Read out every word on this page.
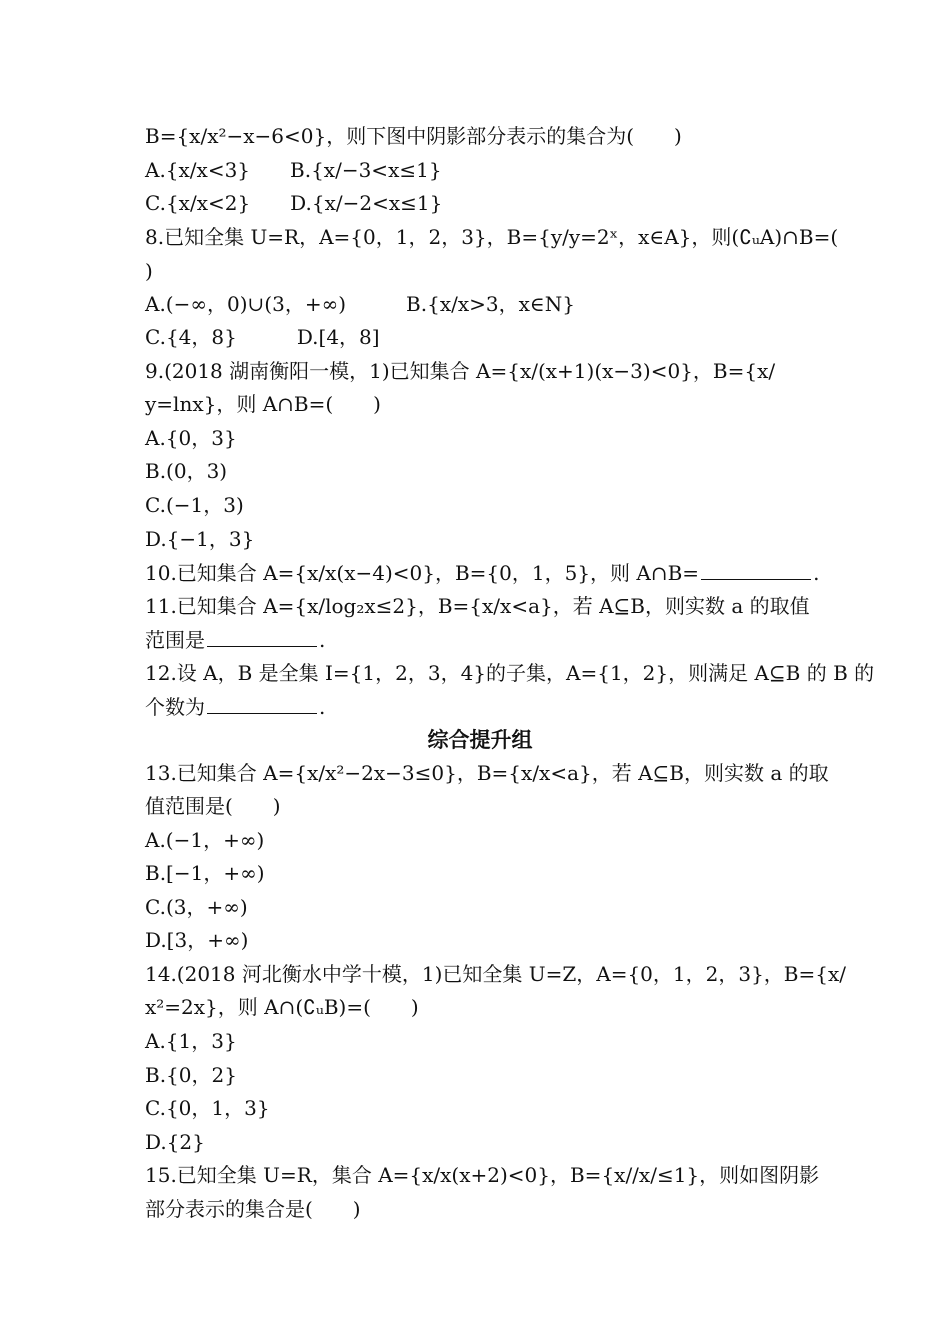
B={x/x²−x−6<0}，则下图中阴影部分表示的集合为(　　)
A.{x/x<3}　　B.{x/−3<x≤1}
C.{x/x<2}　　D.{x/−2<x≤1}
8.已知全集 U=R，A={0，1，2，3}，B={y/y=2ˣ，x∈A}，则(∁ᵤA)∩B=(
)
A.(−∞，0)∪(3，+∞)　　　B.{x/x>3，x∈N}
C.{4，8}　　　D.[4，8]
9.(2018 湖南衡阳一模，1)已知集合 A={x/(x+1)(x−3)<0}，B={x/
y=lnx}，则 A∩B=(　　)
A.{0，3}
B.(0，3)
C.(−1，3)
D.{−1，3}
10.已知集合 A={x/x(x−4)<0}，B={0，1，5}，则 A∩B=	.
11.已知集合 A={x/log₂x≤2}，B={x/x<a}，若 A⊆B，则实数 a 的取值
范围是	.
12.设 A，B 是全集 I={1，2，3，4}的子集，A={1，2}，则满足 A⊆B 的 B 的
个数为	.
综合提升组
13.已知集合 A={x/x²−2x−3≤0}，B={x/x<a}，若 A⊆B，则实数 a 的取
值范围是(　　)
A.(−1，+∞)
B.[−1，+∞)
C.(3，+∞)
D.[3，+∞)
14.(2018 河北衡水中学十模，1)已知全集 U=Z，A={0，1，2，3}，B={x/
x²=2x}，则 A∩(∁ᵤB)=(　　)
A.{1，3}
B.{0，2}
C.{0，1，3}
D.{2}
15.已知全集 U=R，集合 A={x/x(x+2)<0}，B={x//x/≤1}，则如图阴影
部分表示的集合是(　　)
